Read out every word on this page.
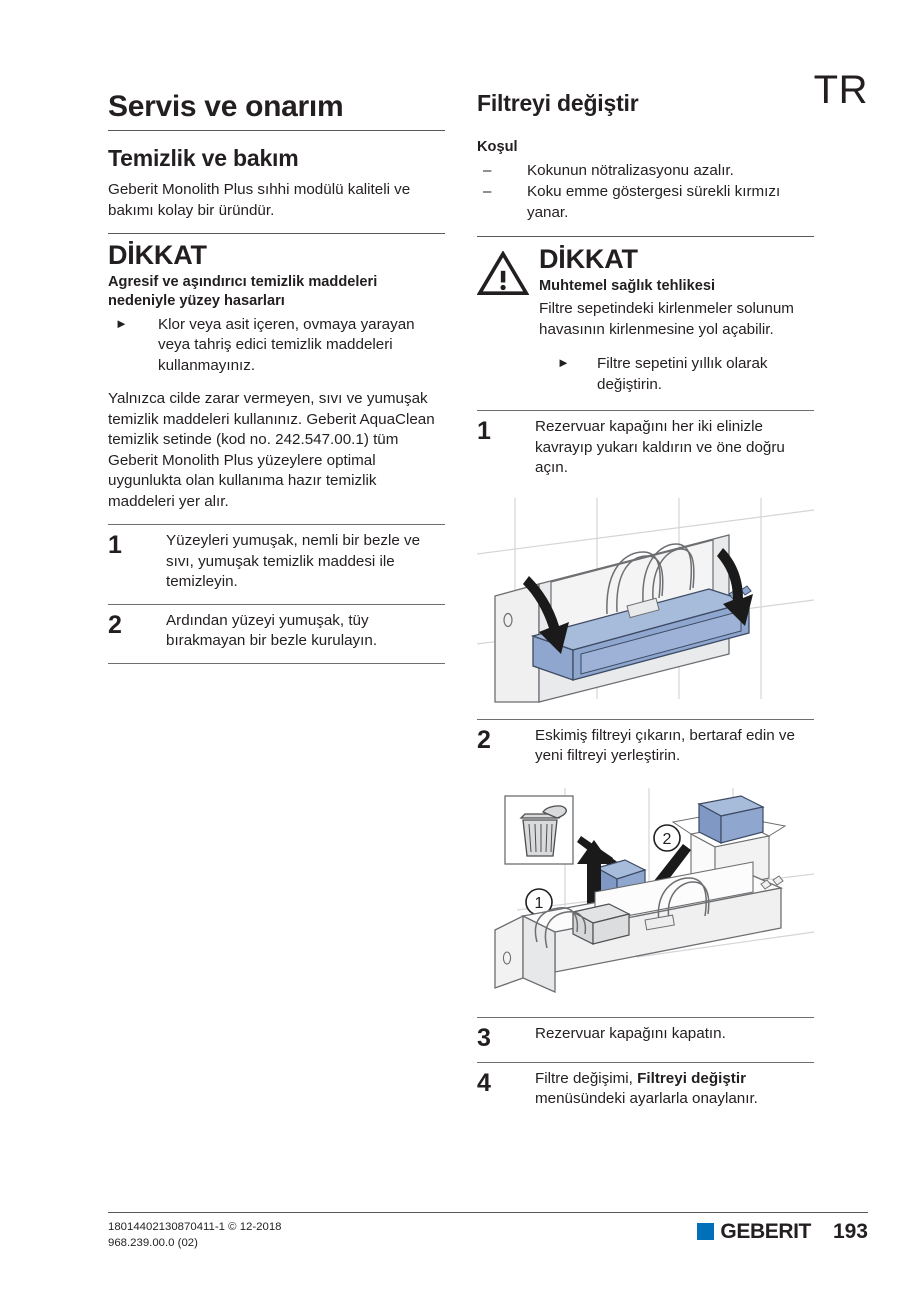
TR
Servis ve onarım
Temizlik ve bakım

Geberit Monolith Plus sıhhi modülü kaliteli ve bakımı kolay bir üründür.

DİKKAT
Agresif ve aşındırıcı temizlik maddeleri nedeniyle yüzey hasarları
► Klor veya asit içeren, ovmaya yarayan veya tahriş edici temizlik maddeleri kullanmayınız.

Yalnızca cilde zarar vermeyen, sıvı ve yumuşak temizlik maddeleri kullanınız. Geberit AquaClean temizlik setinde (kod no. 242.547.00.1) tüm Geberit Monolith Plus yüzeylere optimal uygunlukta olan kullanıma hazır temizlik maddeleri yer alır.

1	Yüzeyleri yumuşak, nemli bir bezle ve sıvı, yumuşak temizlik maddesi ile temizleyin.
2	Ardından yüzeyi yumuşak, tüy bırakmayan bir bezle kurulayın.
Filtreyi değiştir
Koşul
– Kokunun nötralizasyonu azalır.
– Koku emme göstergesi sürekli kırmızı yanar.
DİKKAT
Muhtemel sağlık tehlikesi

Filtre sepetindeki kirlenmeler solunum havasının kirlenmesine yol açabilir.

► Filtre sepetini yıllık olarak değiştirin.
1	Rezervuar kapağını her iki elinizle kavrayıp yukarı kaldırın ve öne doğru açın.
2	Eskimiş filtreyi çıkarın, bertaraf edin ve yeni filtreyi yerleştirin.
2
1
3	Rezervuar kapağını kapatın.
4	Filtre değişimi, Filtreyi değiştir menüsündeki ayarlarla onaylanır.
18014402130870411-1 © 12-2018
968.239.00.0 (02)	GEBERIT 193
